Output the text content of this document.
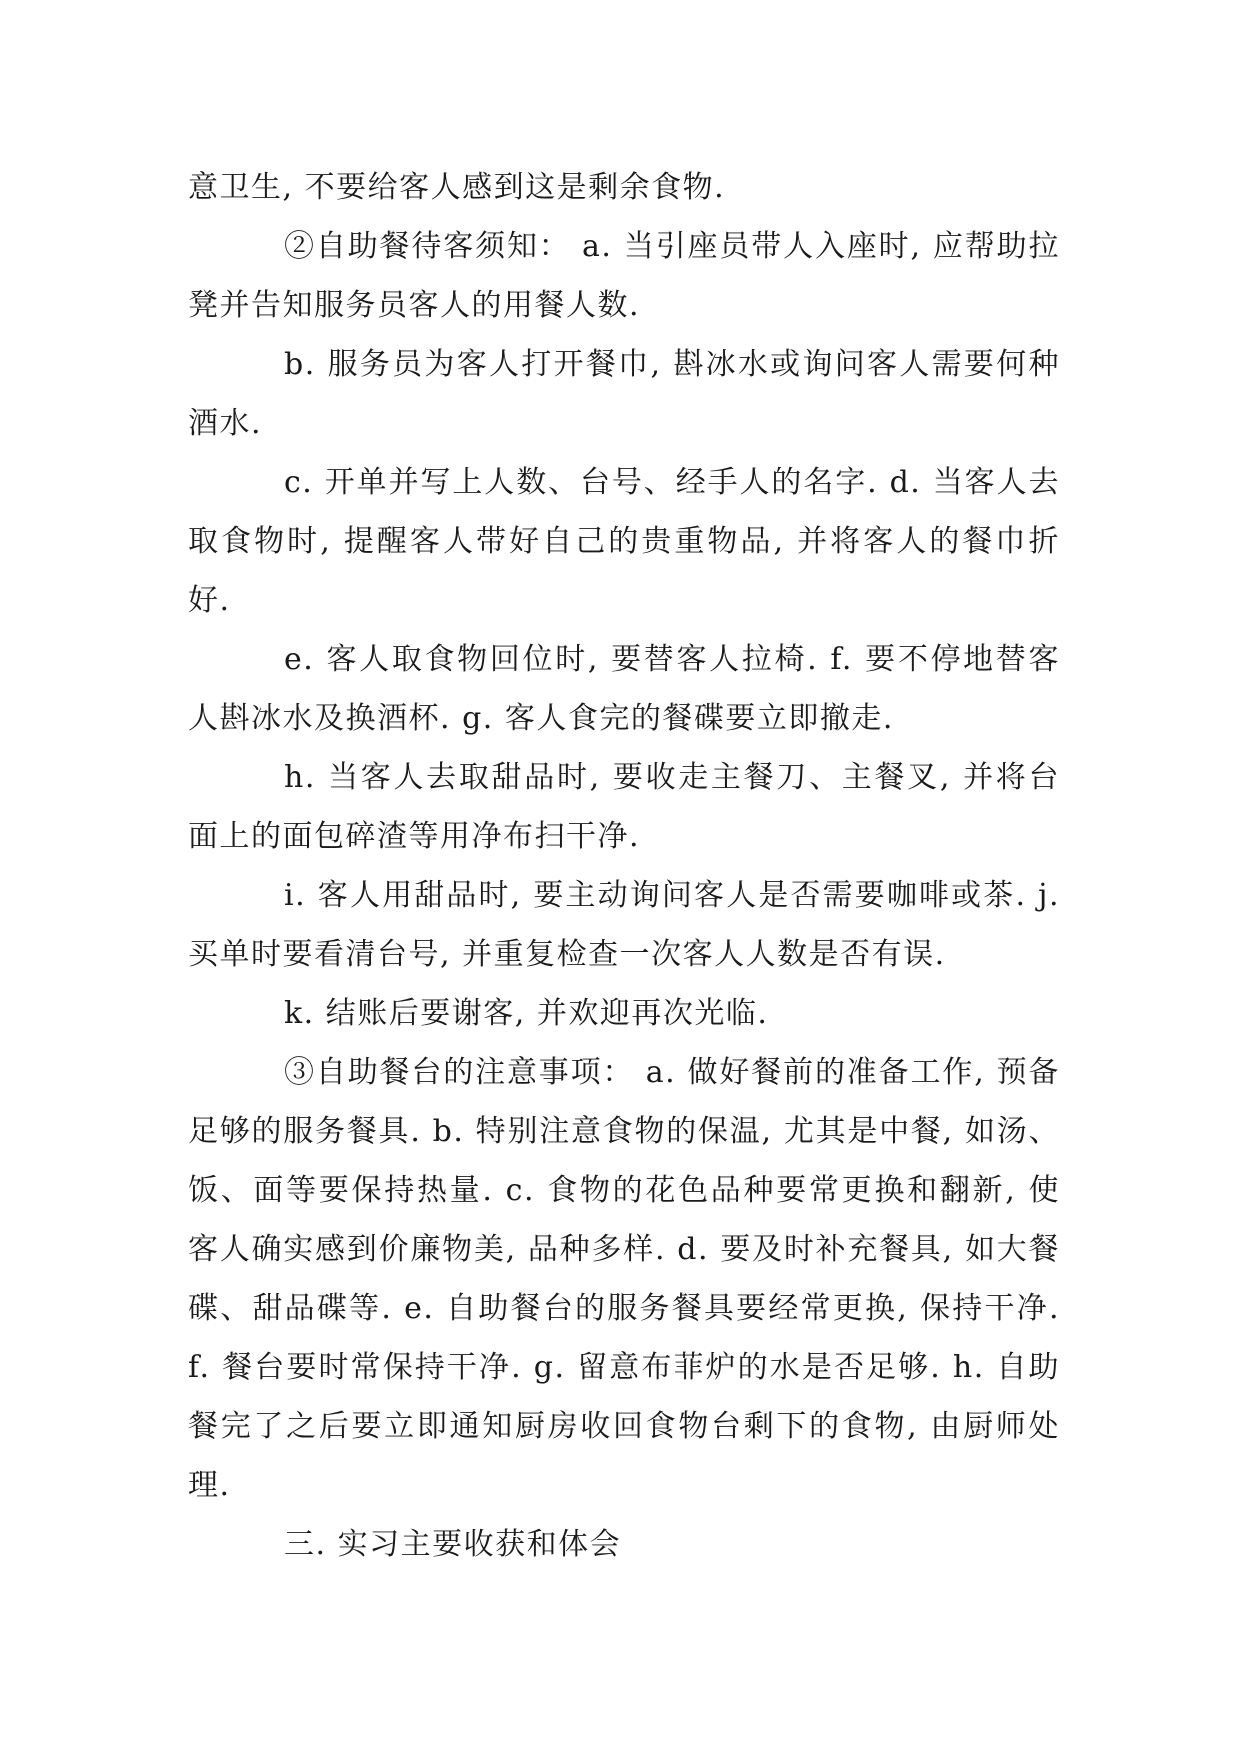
意卫生, 不要给客人感到这是剩余食物.

②自助餐待客须知： a. 当引座员带人入座时, 应帮助拉凳并告知服务员客人的用餐人数.

b. 服务员为客人打开餐巾, 斟冰水或询问客人需要何种酒水.

c. 开单并写上人数、台号、经手人的名字. d. 当客人去取食物时, 提醒客人带好自己的贵重物品, 并将客人的餐巾折好.

e. 客人取食物回位时, 要替客人拉椅. f. 要不停地替客人斟冰水及换酒杯. g. 客人食完的餐碟要立即撤走.

h. 当客人去取甜品时, 要收走主餐刀、主餐叉, 并将台面上的面包碎渣等用净布扫干净.

i. 客人用甜品时, 要主动询问客人是否需要咖啡或茶. j. 买单时要看清台号, 并重复检查一次客人人数是否有误.

k. 结账后要谢客, 并欢迎再次光临.

③自助餐台的注意事项： a. 做好餐前的准备工作, 预备足够的服务餐具. b. 特别注意食物的保温, 尤其是中餐, 如汤、饭、面等要保持热量. c. 食物的花色品种要常更换和翻新, 使客人确实感到价廉物美, 品种多样. d. 要及时补充餐具, 如大餐碟、甜品碟等. e. 自助餐台的服务餐具要经常更换, 保持干净. f. 餐台要时常保持干净. g. 留意布菲炉的水是否足够. h. 自助餐完了之后要立即通知厨房收回食物台剩下的食物, 由厨师处理.

三. 实习主要收获和体会
